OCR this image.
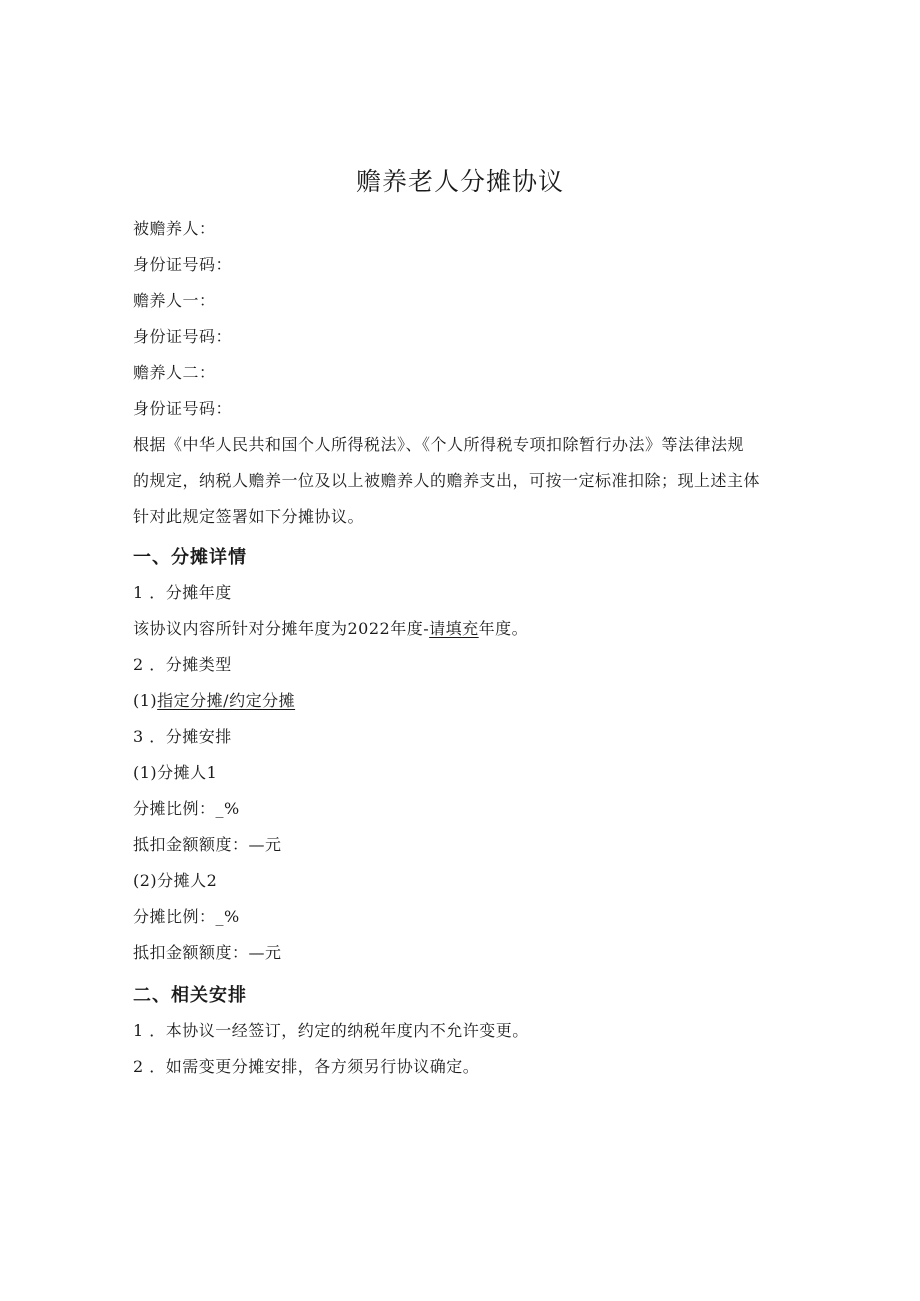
赡养老人分摊协议
被赡养人：
身份证号码：
赡养人一：
身份证号码：
赡养人二：
身份证号码：
根据《中华人民共和国个人所得税法》、《个人所得税专项扣除暂行办法》等法律法规
的规定，纳税人赡养一位及以上被赡养人的赡养支出，可按一定标准扣除；现上述主体
针对此规定签署如下分摊协议。
一、分摊详情
1 ．分摊年度
该协议内容所针对分摊年度为2022年度-请填充年度。
2 ．分摊类型
(1)指定分摊/约定分摊
3 ．分摊安排
(1)分摊人1
分摊比例：_%
抵扣金额额度：—元
(2)分摊人2
分摊比例：_%
抵扣金额额度：—元
二、相关安排
1 ．本协议一经签订，约定的纳税年度内不允许变更。
2 ．如需变更分摊安排，各方须另行协议确定。
